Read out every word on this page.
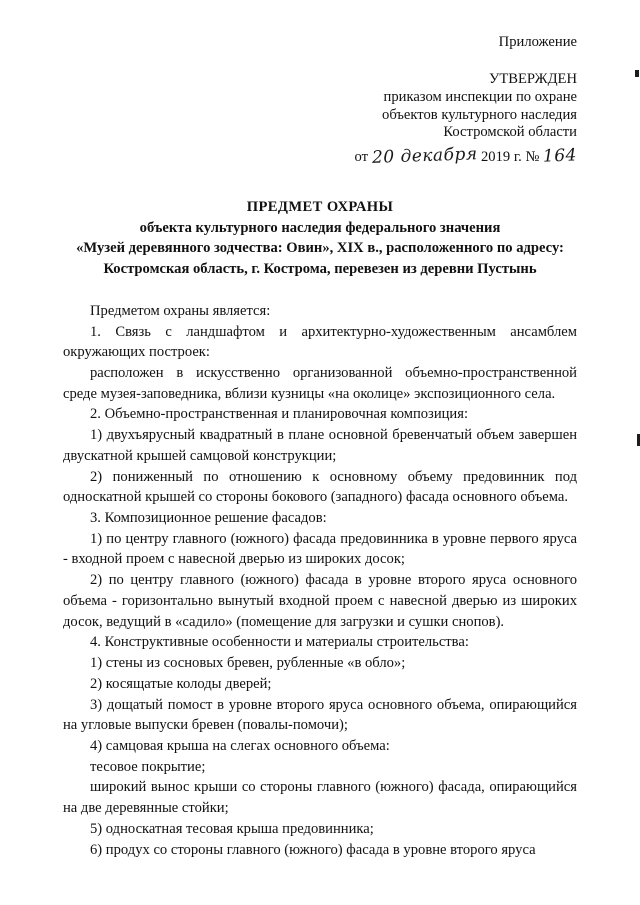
Приложение
УТВЕРЖДЕН
приказом инспекции по охране
объектов культурного наследия
Костромской области
от 20 декабря 2019 г. № 164
ПРЕДМЕТ ОХРАНЫ
объекта культурного наследия федерального значения
«Музей деревянного зодчества: Овин», XIX в., расположенного по адресу:
Костромская область, г. Кострома, перевезен из деревни Пустынь

Предметом охраны является:

1. Связь с ландшафтом и архитектурно-художественным ансамблем окружающих построек:

расположен в искусственно организованной объемно-пространственной среде музея-заповедника, вблизи кузницы «на околице» экспозиционного села.

2. Объемно-пространственная и планировочная композиция:

1) двухъярусный квадратный в плане основной бревенчатый объем завершен двускатной крышей самцовой конструкции;

2) пониженный по отношению к основному объему предовинник под односкатной крышей со стороны бокового (западного) фасада основного объема.

3. Композиционное решение фасадов:

1) по центру главного (южного) фасада предовинника в уровне первого яруса - входной проем с навесной дверью из широких досок;

2) по центру главного (южного) фасада в уровне второго яруса основного объема - горизонтально вынутый входной проем с навесной дверью из широких досок, ведущий в «садило» (помещение для загрузки и сушки снопов).

4. Конструктивные особенности и материалы строительства:

1) стены из сосновых бревен, рубленные «в обло»;

2) косящатые колоды дверей;

3) дощатый помост в уровне второго яруса основного объема, опирающийся на угловые выпуски бревен (повалы-помочи);

4) самцовая крыша на слегах основного объема:

тесовое покрытие;

широкий вынос крыши со стороны главного (южного) фасада, опирающийся на две деревянные стойки;

5) односкатная тесовая крыша предовинника;

6) продух со стороны главного (южного) фасада в уровне второго яруса
